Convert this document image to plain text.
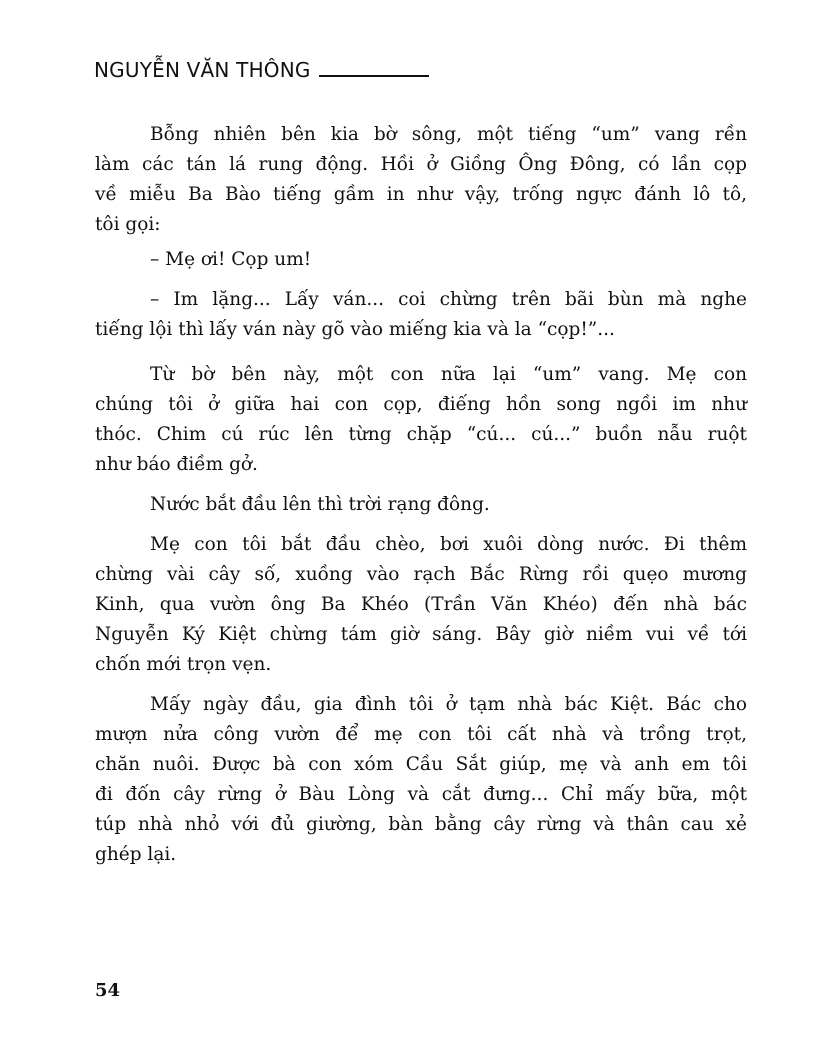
NGUYỄN VĂN THÔNG
Bỗng nhiên bên kia bờ sông, một tiếng “um” vang rền
làm các tán lá rung động. Hồi ở Giồng Ông Đông, có lần cọp
về miễu Ba Bào tiếng gầm in như vậy, trống ngực đánh lô tô,
tôi gọi:
– Mẹ ơi! Cọp um!
– Im lặng... Lấy ván... coi chừng trên bãi bùn mà nghe
tiếng lội thì lấy ván này gõ vào miếng kia và la “cọp!”...
Từ bờ bên này, một con nữa lại “um” vang. Mẹ con
chúng tôi ở giữa hai con cọp, điếng hồn song ngồi im như
thóc. Chim cú rúc lên từng chặp “cú... cú...” buồn nẫu ruột
như báo điềm gở.
Nước bắt đầu lên thì trời rạng đông.
Mẹ con tôi bắt đầu chèo, bơi xuôi dòng nước. Đi thêm
chừng vài cây số, xuồng vào rạch Bắc Rừng rồi quẹo mương
Kinh, qua vườn ông Ba Khéo (Trần Văn Khéo) đến nhà bác
Nguyễn Ký Kiệt chừng tám giờ sáng. Bây giờ niềm vui về tới
chốn mới trọn vẹn.
Mấy ngày đầu, gia đình tôi ở tạm nhà bác Kiệt. Bác cho
mượn nửa công vườn để mẹ con tôi cất nhà và trồng trọt,
chăn nuôi. Được bà con xóm Cầu Sắt giúp, mẹ và anh em tôi
đi đốn cây rừng ở Bàu Lòng và cắt đưng... Chỉ mấy bữa, một
túp nhà nhỏ với đủ giường, bàn bằng cây rừng và thân cau xẻ
ghép lại.
54
